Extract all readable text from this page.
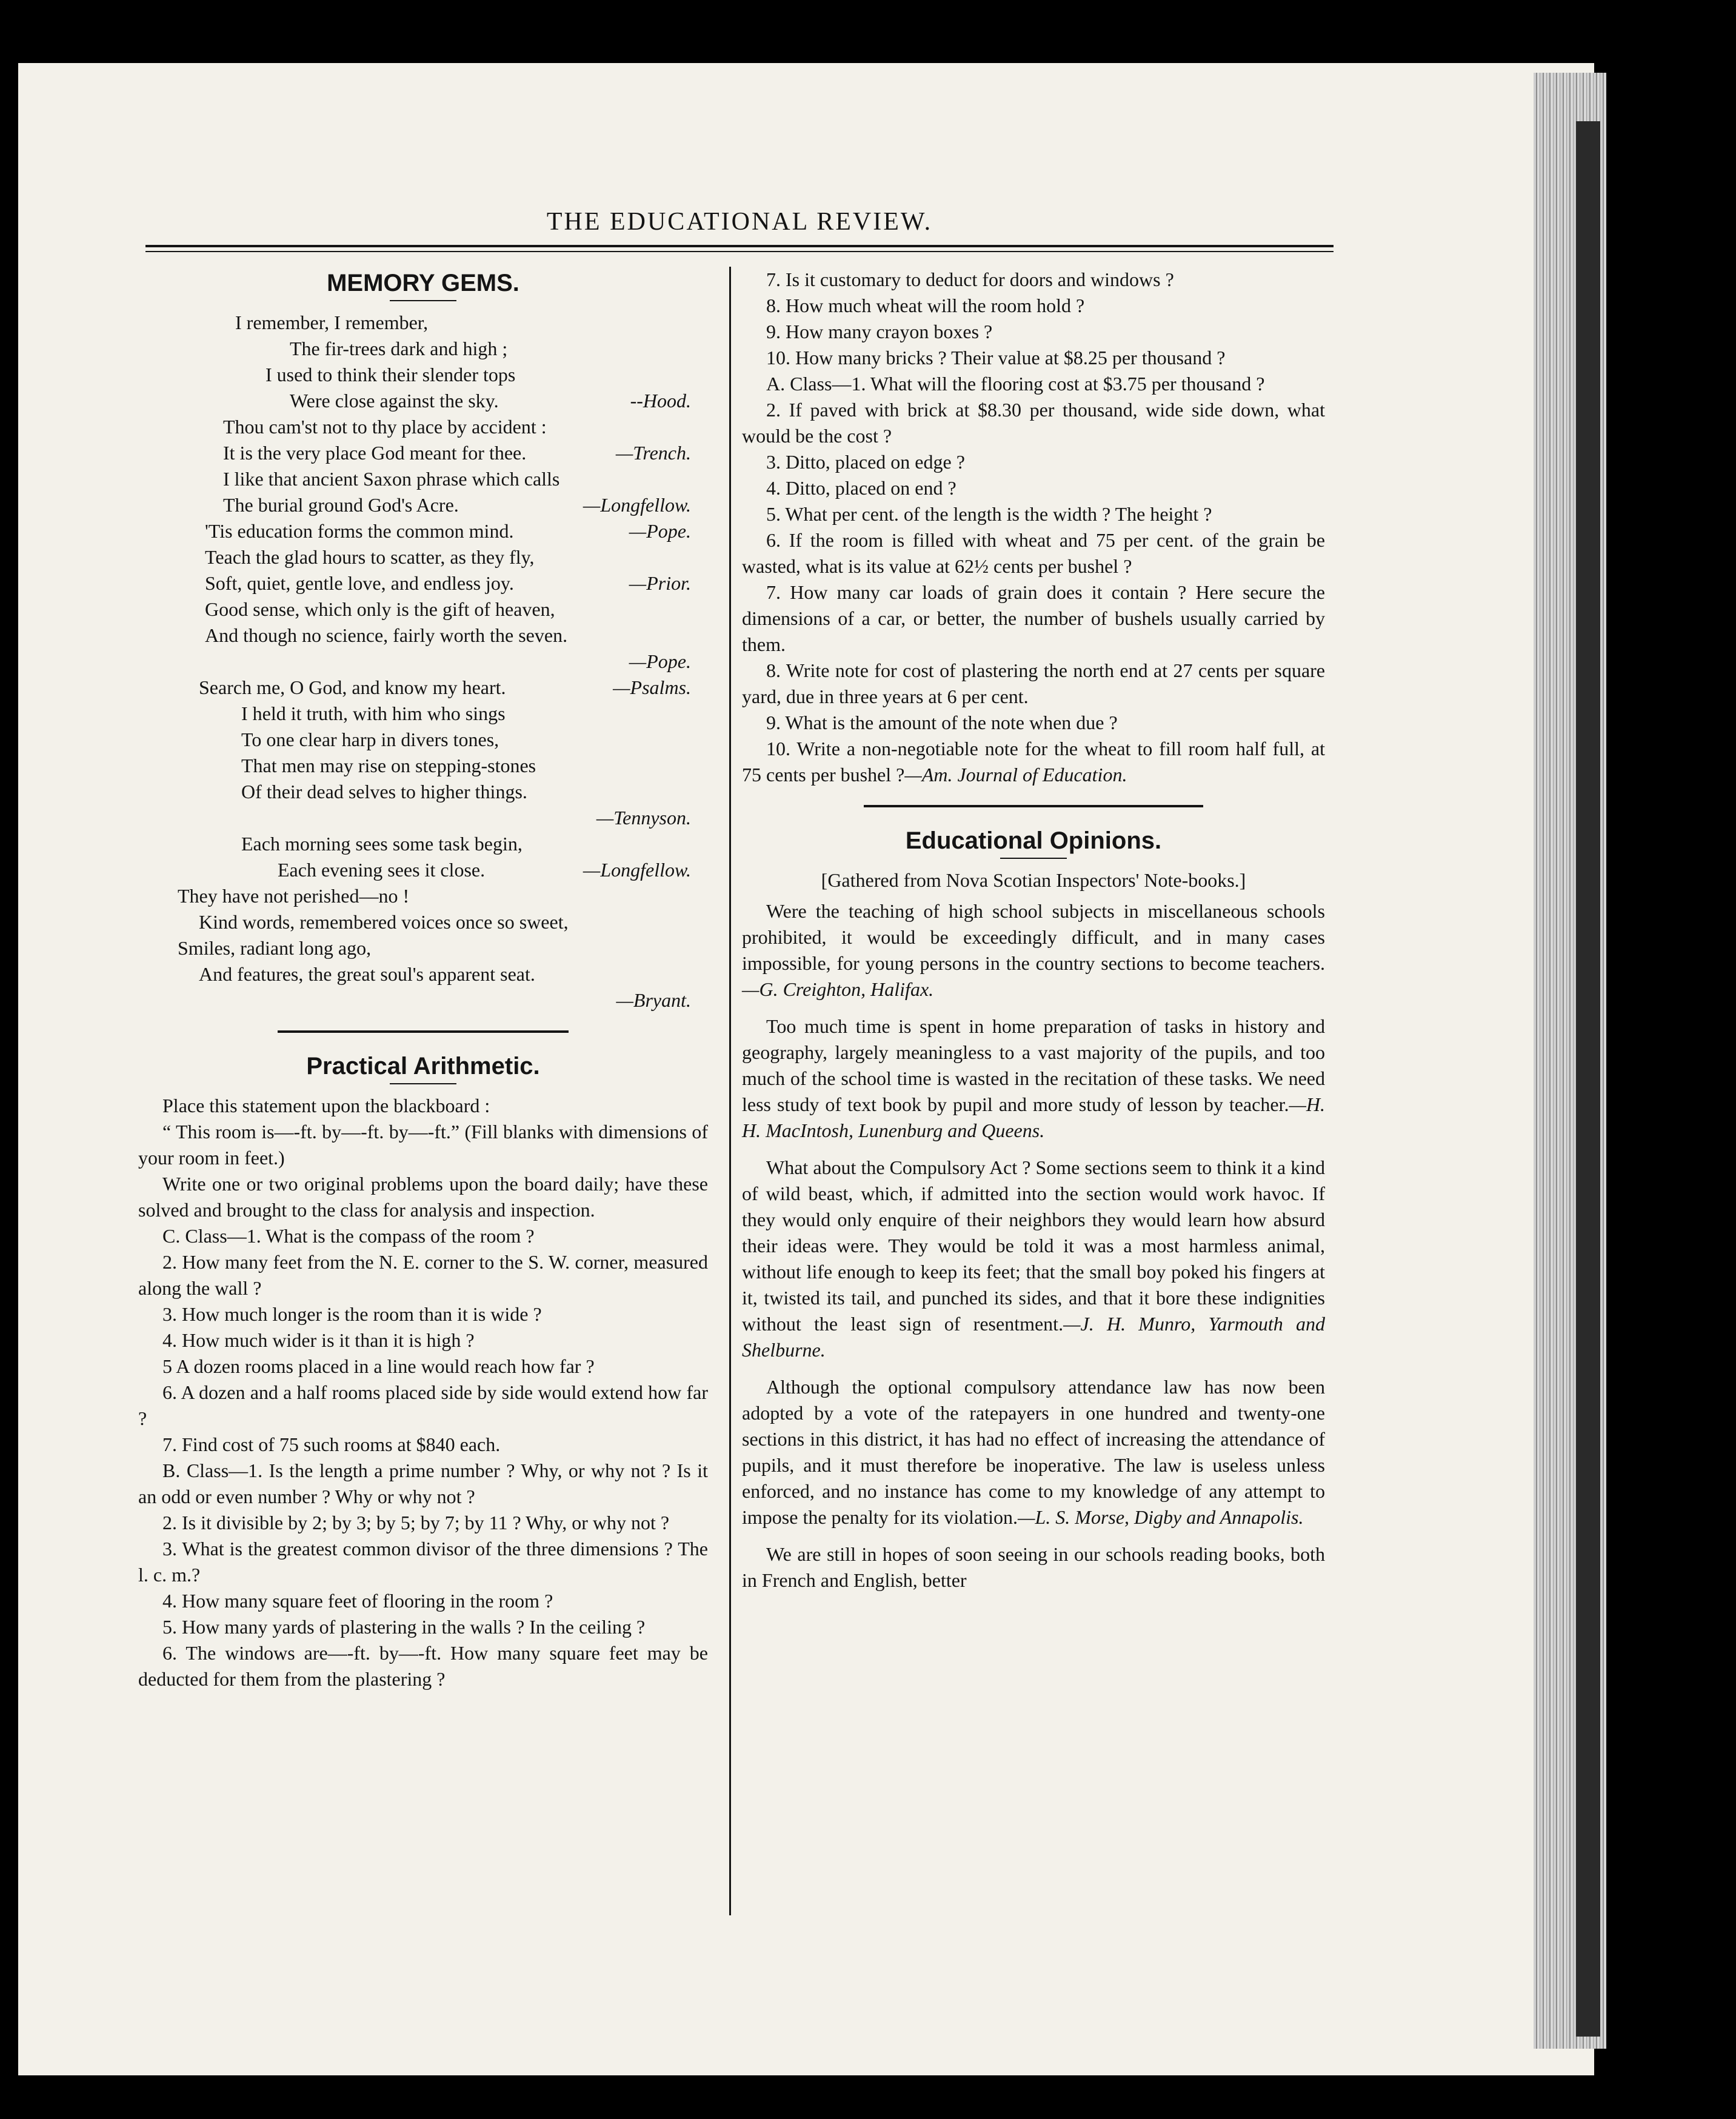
THE EDUCATIONAL REVIEW.
MEMORY GEMS.
I remember, I remember,
The fir-trees dark and high ;
I used to think their slender tops
Were close against the sky.	--Hood.
Thou cam'st not to thy place by accident :
It is the very place God meant for thee.	—Trench.
I like that ancient Saxon phrase which calls
The burial ground God's Acre.	—Longfellow.
'Tis education forms the common mind.	—Pope.
Teach the glad hours to scatter, as they fly,
Soft, quiet, gentle love, and endless joy.	—Prior.
Good sense, which only is the gift of heaven,
And though no science, fairly worth the seven.
—Pope.
Search me, O God, and know my heart.	—Psalms.
I held it truth, with him who sings
To one clear harp in divers tones,
That men may rise on stepping-stones
Of their dead selves to higher things.
—Tennyson.
Each morning sees some task begin,
Each evening sees it close.	—Longfellow.
They have not perished—no !
Kind words, remembered voices once so sweet,
Smiles, radiant long ago,
And features, the great soul's apparent seat.
—Bryant.
Practical Arithmetic.
Place this statement upon the blackboard :
“ This room is—-ft. by—-ft. by—-ft.” (Fill blanks with dimensions of your room in feet.)
Write one or two original problems upon the board daily; have these solved and brought to the class for analysis and inspection.
C. Class—1. What is the compass of the room ?
2. How many feet from the N. E. corner to the S. W. corner, measured along the wall ?
3. How much longer is the room than it is wide ?
4. How much wider is it than it is high ?
5 A dozen rooms placed in a line would reach how far ?
6. A dozen and a half rooms placed side by side would extend how far ?
7. Find cost of 75 such rooms at $840 each.
B. Class—1. Is the length a prime number ? Why, or why not ? Is it an odd or even number ? Why or why not ?
2. Is it divisible by 2; by 3; by 5; by 7; by 11 ? Why, or why not ?
3. What is the greatest common divisor of the three dimensions ? The l. c. m.?
4. How many square feet of flooring in the room ?
5. How many yards of plastering in the walls ? In the ceiling ?
6. The windows are—-ft. by—-ft. How many square feet may be deducted for them from the plastering ?
7. Is it customary to deduct for doors and windows ?
8. How much wheat will the room hold ?
9. How many crayon boxes ?
10. How many bricks ? Their value at $8.25 per thousand ?
A. Class—1. What will the flooring cost at $3.75 per thousand ?
2. If paved with brick at $8.30 per thousand, wide side down, what would be the cost ?
3. Ditto, placed on edge ?
4. Ditto, placed on end ?
5. What per cent. of the length is the width ? The height ?
6. If the room is filled with wheat and 75 per cent. of the grain be wasted, what is its value at 62½ cents per bushel ?
7. How many car loads of grain does it contain ? Here secure the dimensions of a car, or better, the number of bushels usually carried by them.
8. Write note for cost of plastering the north end at 27 cents per square yard, due in three years at 6 per cent.
9. What is the amount of the note when due ?
10. Write a non-negotiable note for the wheat to fill room half full, at 75 cents per bushel ?—Am. Journal of Education.
Educational Opinions.
[Gathered from Nova Scotian Inspectors' Note-books.]
Were the teaching of high school subjects in miscellaneous schools prohibited, it would be exceedingly difficult, and in many cases impossible, for young persons in the country sections to become teachers.—G. Creighton, Halifax.
Too much time is spent in home preparation of tasks in history and geography, largely meaningless to a vast majority of the pupils, and too much of the school time is wasted in the recitation of these tasks. We need less study of text book by pupil and more study of lesson by teacher.—H. H. MacIntosh, Lunenburg and Queens.
What about the Compulsory Act ? Some sections seem to think it a kind of wild beast, which, if admitted into the section would work havoc. If they would only enquire of their neighbors they would learn how absurd their ideas were. They would be told it was a most harmless animal, without life enough to keep its feet; that the small boy poked his fingers at it, twisted its tail, and punched its sides, and that it bore these indignities without the least sign of resentment.—J. H. Munro, Yarmouth and Shelburne.
Although the optional compulsory attendance law has now been adopted by a vote of the ratepayers in one hundred and twenty-one sections in this district, it has had no effect of increasing the attendance of pupils, and it must therefore be inoperative. The law is useless unless enforced, and no instance has come to my knowledge of any attempt to impose the penalty for its violation.—L. S. Morse, Digby and Annapolis.
We are still in hopes of soon seeing in our schools reading books, both in French and English, better
